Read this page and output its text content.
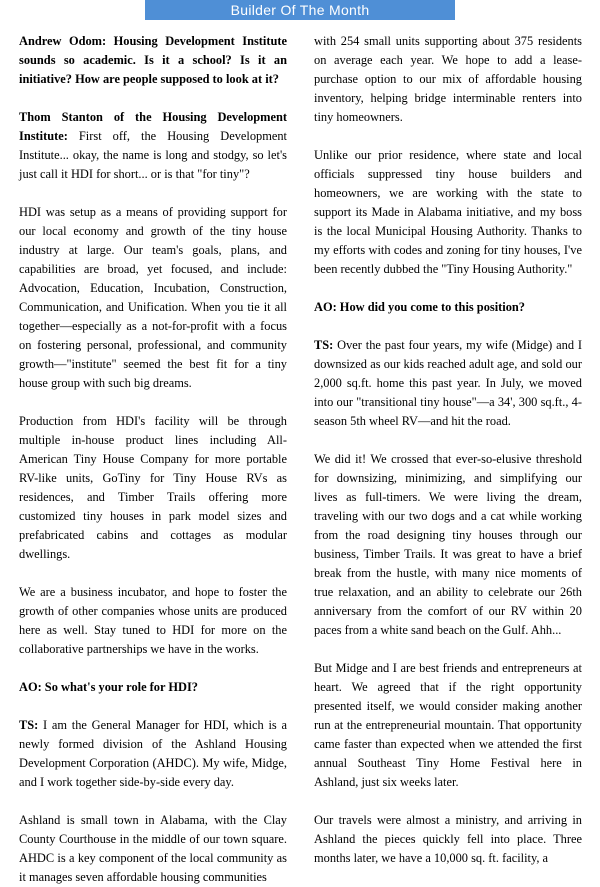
Builder Of The Month

Andrew Odom: Housing Development Institute sounds so academic. Is it a school? Is it an initiative? How are people supposed to look at it?

Thom Stanton of the Housing Development Institute: First off, the Housing Development Institute... okay, the name is long and stodgy, so let's just call it HDI for short... or is that "for tiny"?

HDI was setup as a means of providing support for our local economy and growth of the tiny house industry at large. Our team's goals, plans, and capabilities are broad, yet focused, and include: Advocation, Education, Incubation, Construction, Communication, and Unification. When you tie it all together—especially as a not-for-profit with a focus on fostering personal, professional, and community growth—"institute" seemed the best fit for a tiny house group with such big dreams.

Production from HDI's facility will be through multiple in-house product lines including All-American Tiny House Company for more portable RV-like units, GoTiny for Tiny House RVs as residences, and Timber Trails offering more customized tiny houses in park model sizes and prefabricated cabins and cottages as modular dwellings.

We are a business incubator, and hope to foster the growth of other companies whose units are produced here as well. Stay tuned to HDI for more on the collaborative partnerships we have in the works.

AO: So what's your role for HDI?

TS: I am the General Manager for HDI, which is a newly formed division of the Ashland Housing Development Corporation (AHDC). My wife, Midge, and I work together side-by-side every day.

Ashland is small town in Alabama, with the Clay County Courthouse in the middle of our town square. AHDC is a key component of the local community as it manages seven affordable housing communities

with 254 small units supporting about 375 residents on average each year. We hope to add a lease-purchase option to our mix of affordable housing inventory, helping bridge interminable renters into tiny homeowners.

Unlike our prior residence, where state and local officials suppressed tiny house builders and homeowners, we are working with the state to support its Made in Alabama initiative, and my boss is the local Municipal Housing Authority. Thanks to my efforts with codes and zoning for tiny houses, I've been recently dubbed the "Tiny Housing Authority."

AO: How did you come to this position?

TS: Over the past four years, my wife (Midge) and I downsized as our kids reached adult age, and sold our 2,000 sq.ft. home this past year. In July, we moved into our "transitional tiny house"—a 34', 300 sq.ft., 4-season 5th wheel RV—and hit the road.

We did it! We crossed that ever-so-elusive threshold for downsizing, minimizing, and simplifying our lives as full-timers. We were living the dream, traveling with our two dogs and a cat while working from the road designing tiny houses through our business, Timber Trails. It was great to have a brief break from the hustle, with many nice moments of true relaxation, and an ability to celebrate our 26th anniversary from the comfort of our RV within 20 paces from a white sand beach on the Gulf. Ahh...

But Midge and I are best friends and entrepreneurs at heart. We agreed that if the right opportunity presented itself, we would consider making another run at the entrepreneurial mountain. That opportunity came faster than expected when we attended the first annual Southeast Tiny Home Festival here in Ashland, just six weeks later.

Our travels were almost a ministry, and arriving in Ashland the pieces quickly fell into place. Three months later, we have a 10,000 sq. ft. facility, a
